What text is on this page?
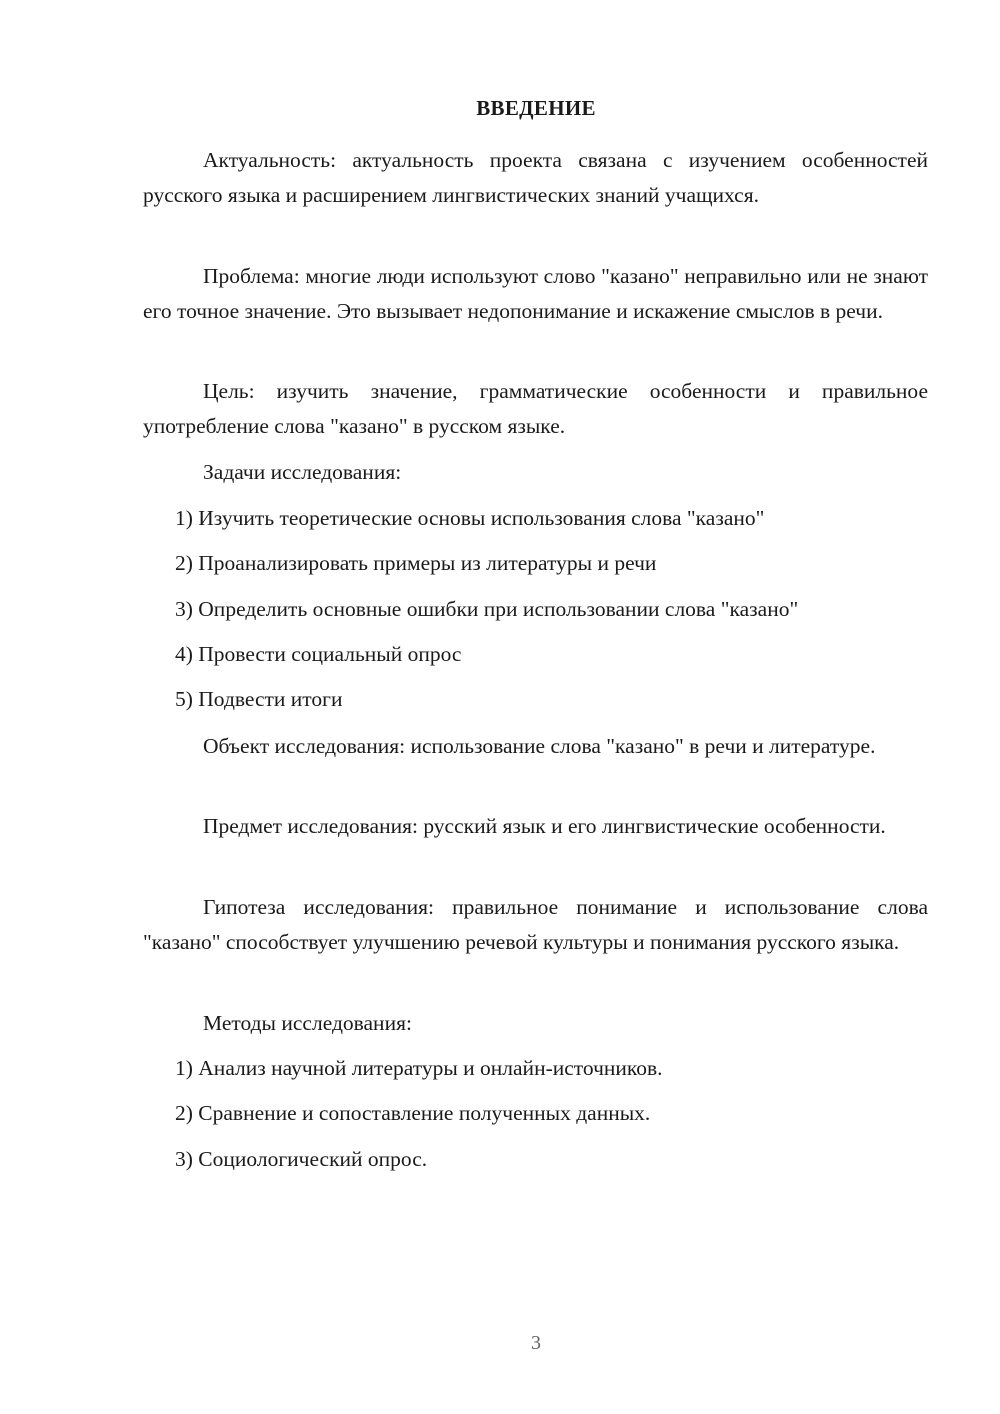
ВВЕДЕНИЕ
Актуальность: актуальность проекта связана с изучением особенностей русского языка и расширением лингвистических знаний учащихся.
Проблема: многие люди используют слово "казано" неправильно или не знают его точное значение. Это вызывает недопонимание и искажение смыслов в речи.
Цель: изучить значение, грамматические особенности и правильное употребление слова "казано" в русском языке.
Задачи исследования:
1) Изучить теоретические основы использования слова "казано"
2) Проанализировать примеры из литературы и речи
3) Определить основные ошибки при использовании слова "казано"
4) Провести социальный опрос
5) Подвести итоги
Объект исследования: использование слова "казано" в речи и литературе.
Предмет исследования: русский язык и его лингвистические особенности.
Гипотеза исследования: правильное понимание и использование слова "казано" способствует улучшению речевой культуры и понимания русского языка.
Методы исследования:
1) Анализ научной литературы и онлайн-источников.
2) Сравнение и сопоставление полученных данных.
3) Социологический опрос.
3
